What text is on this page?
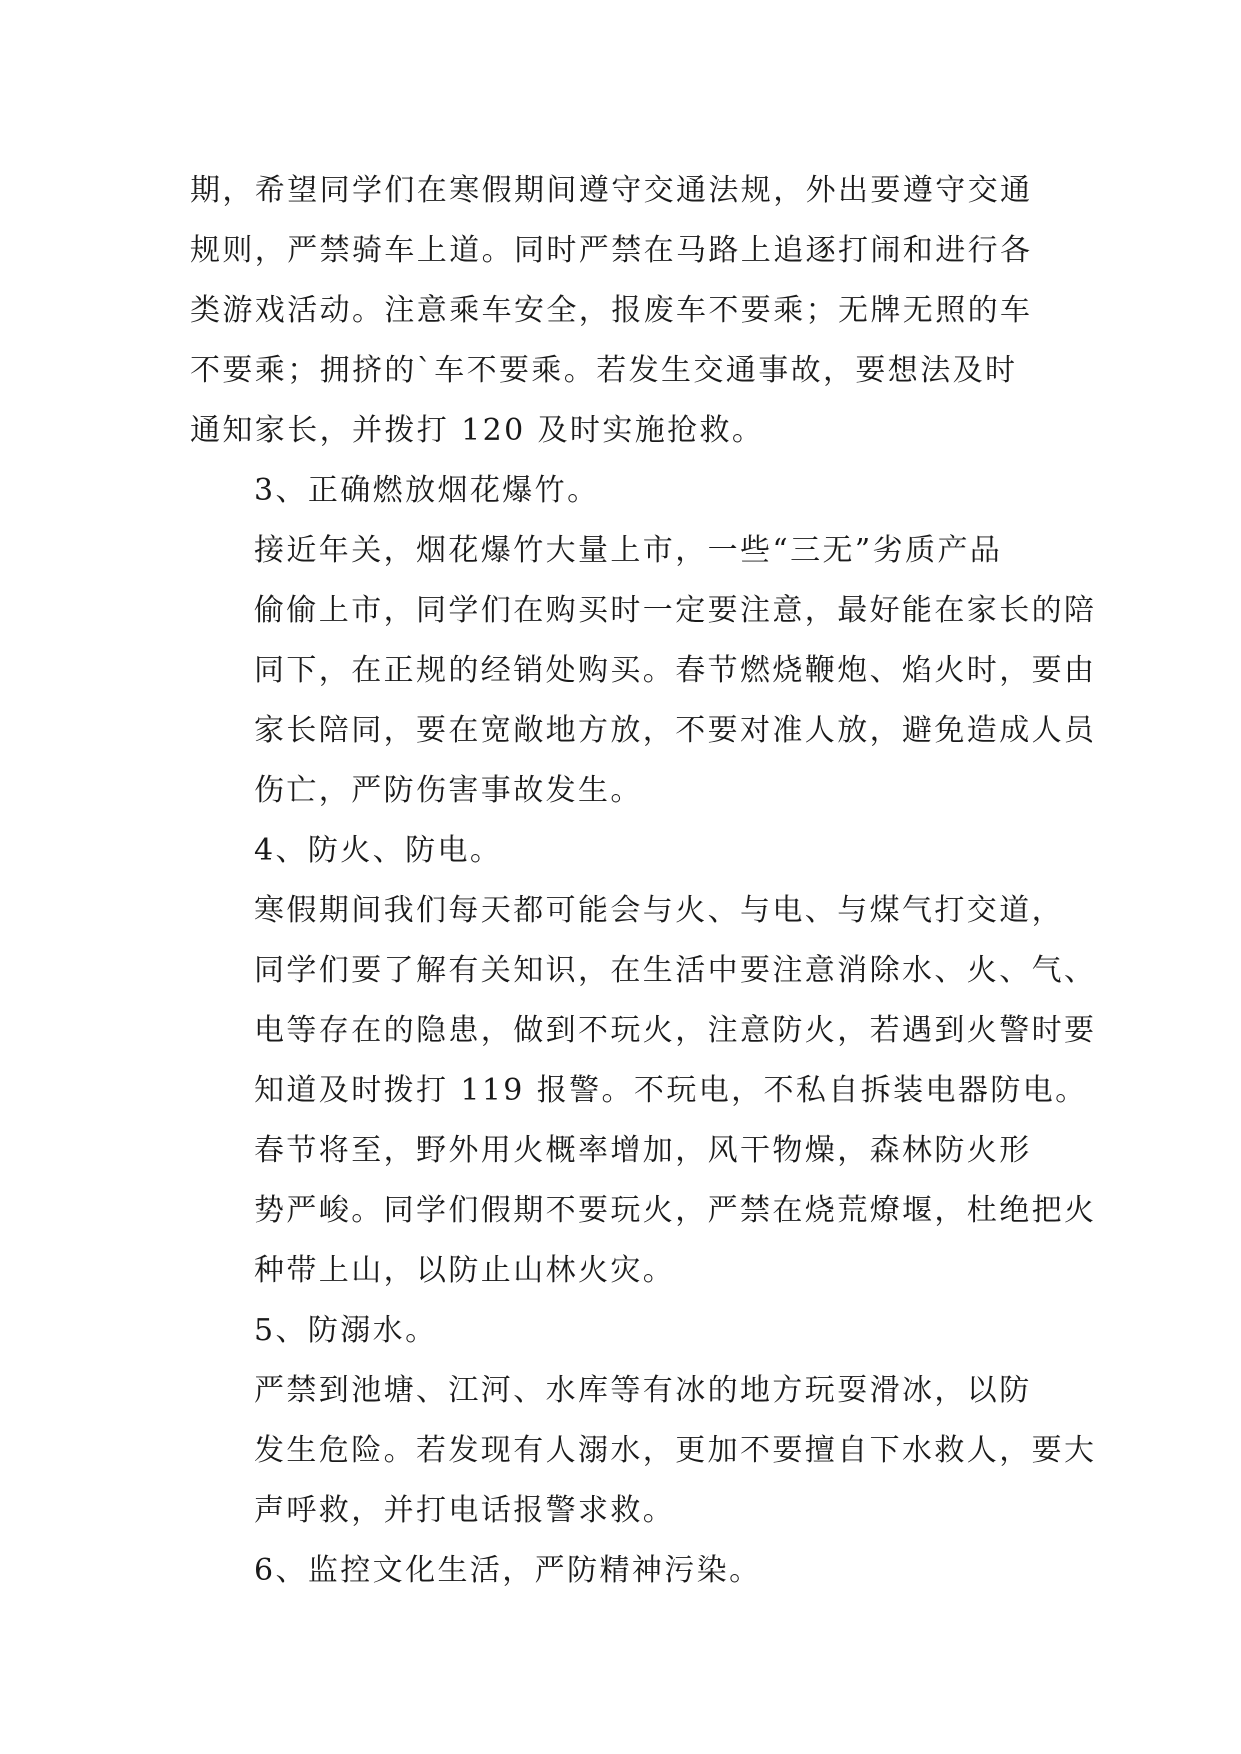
期，希望同学们在寒假期间遵守交通法规，外出要遵守交通
规则，严禁骑车上道。同时严禁在马路上追逐打闹和进行各
类游戏活动。注意乘车安全，报废车不要乘；无牌无照的车
不要乘；拥挤的`车不要乘。若发生交通事故，要想法及时
通知家长，并拨打 120 及时实施抢救。

3、正确燃放烟花爆竹。

接近年关，烟花爆竹大量上市，一些“三无”劣质产品
偷偷上市，同学们在购买时一定要注意，最好能在家长的陪
同下，在正规的经销处购买。春节燃烧鞭炮、焰火时，要由
家长陪同，要在宽敞地方放，不要对准人放，避免造成人员
伤亡，严防伤害事故发生。

4、防火、防电。

寒假期间我们每天都可能会与火、与电、与煤气打交道，
同学们要了解有关知识，在生活中要注意消除水、火、气、
电等存在的隐患，做到不玩火，注意防火，若遇到火警时要
知道及时拨打 119 报警。不玩电，不私自拆装电器防电。

春节将至，野外用火概率增加，风干物燥，森林防火形
势严峻。同学们假期不要玩火，严禁在烧荒燎堰，杜绝把火
种带上山，以防止山林火灾。

5、防溺水。

严禁到池塘、江河、水库等有冰的地方玩耍滑冰，以防
发生危险。若发现有人溺水，更加不要擅自下水救人，要大
声呼救，并打电话报警求救。

6、监控文化生活，严防精神污染。
